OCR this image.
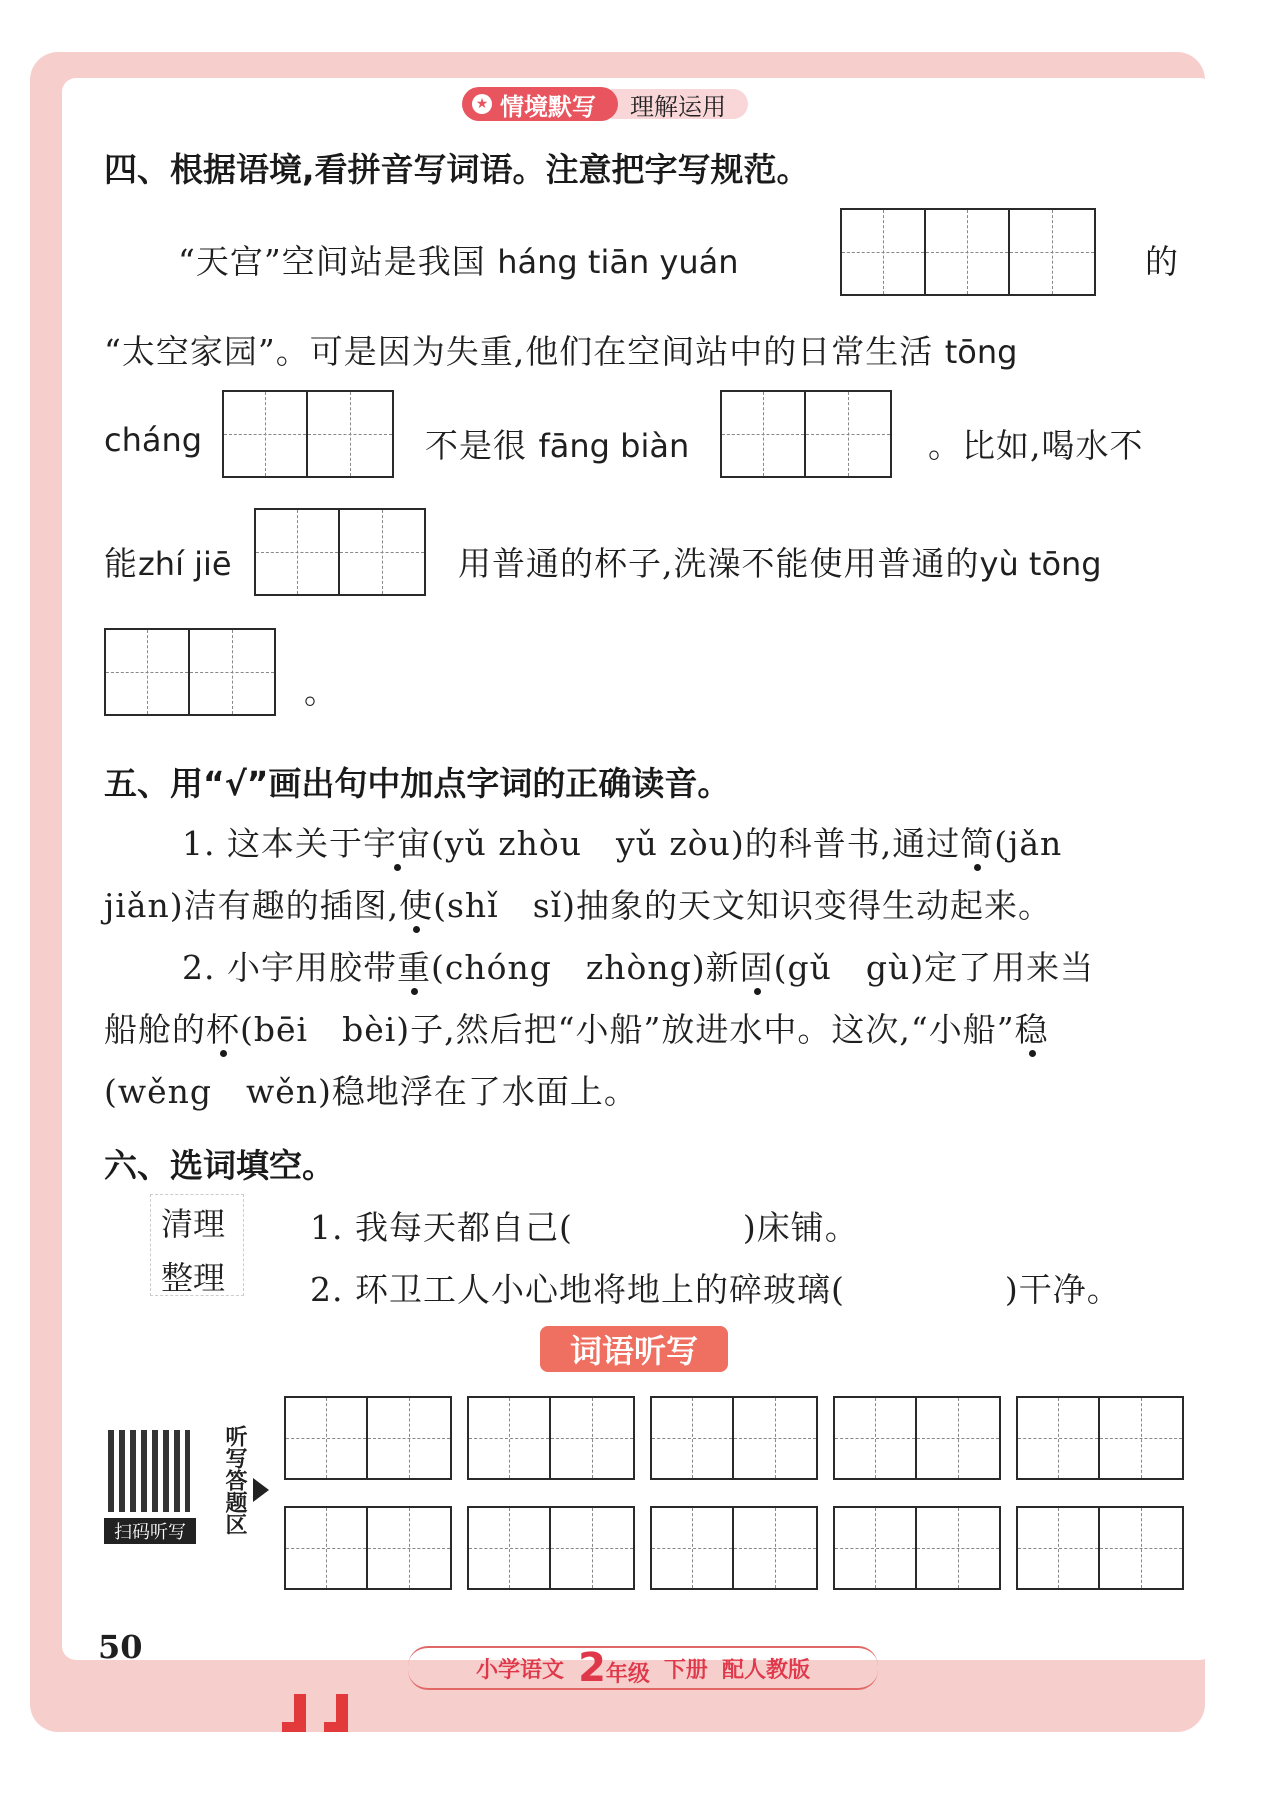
★ 情境默写	理解运用
四、根据语境,看拼音写词语。注意把字写规范。
“天宫”空间站是我国 háng tiān yuán	的
“太空家园”。可是因为失重,他们在空间站中的日常生活 tōng
cháng	不是很 fāng biàn	。比如,喝水不
能zhí jiē	用普通的杯子,洗澡不能使用普通的yù tōng
。
五、用“√”画出句中加点字词的正确读音。
1. 这本关于宇宙(yǔ zhòu　yǔ zòu)的科普书,通过简(jǎn
jiǎn)洁有趣的插图,使(shǐ　sǐ)抽象的天文知识变得生动起来。
2. 小宇用胶带重(chóng　zhòng)新固(gǔ　gù)定了用来当
船舱的杯(bēi　bèi)子,然后把“小船”放进水中。这次,“小船”稳
(wěng　wěn)稳地浮在了水面上。
六、选词填空。
清理
整理
1. 我每天都自己(	)床铺。
2. 环卫工人小心地将地上的碎玻璃(	)干净。
词语听写
扫码听写	听写答题区
50
小学语文 2年级 下册 配人教版
